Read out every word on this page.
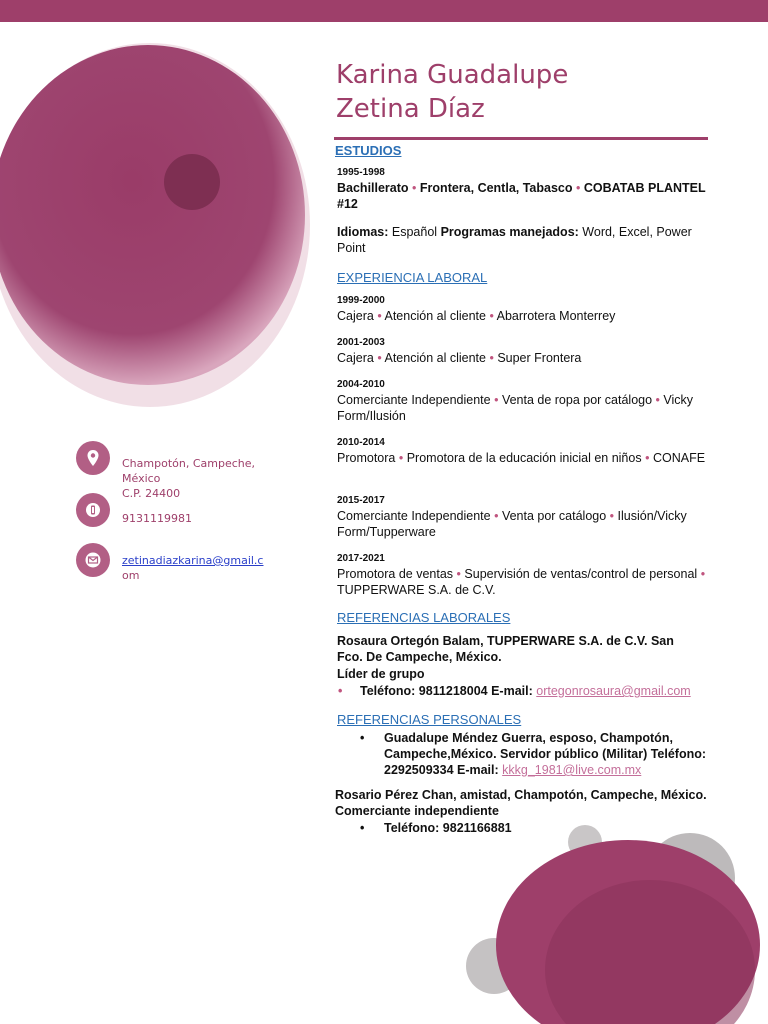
Karina Guadalupe
Zetina Díaz
Champotón, Campeche,
México
C.P. 24400
9131119981
zetinadiazkarina@gmail.c
om
ESTUDIOS
1995-1998
Bachillerato • Frontera, Centla, Tabasco • COBATAB PLANTEL #12
Idiomas: Español Programas manejados: Word, Excel, Power Point
EXPERIENCIA LABORAL
1999-2000
Cajera • Atención al cliente • Abarrotera Monterrey
2001-2003
Cajera • Atención al cliente • Super Frontera
2004-2010
Comerciante Independiente • Venta de ropa por catálogo • Vicky Form/Ilusión
2010-2014
Promotora • Promotora de la educación inicial en niños • CONAFE
2015-2017
Comerciante Independiente • Venta por catálogo • Ilusión/Vicky Form/Tupperware
2017-2021
Promotora de ventas • Supervisión de ventas/control de personal • TUPPERWARE S.A. de C.V.
REFERENCIAS LABORALES
Rosaura Ortegón Balam, TUPPERWARE S.A. de C.V. San Fco. De Campeche, México.
Líder de grupo
• Teléfono: 9811218004 E-mail: ortegonrosaura@gmail.com
REFERENCIAS PERSONALES
• Guadalupe Méndez Guerra, esposo, Champotón, Campeche,México. Servidor público (Militar) Teléfono: 2292509334 E-mail: kkkg_1981@live.com.mx
Rosario Pérez Chan, amistad, Champotón, Campeche, México.
Comerciante independiente
• Teléfono: 9821166881
